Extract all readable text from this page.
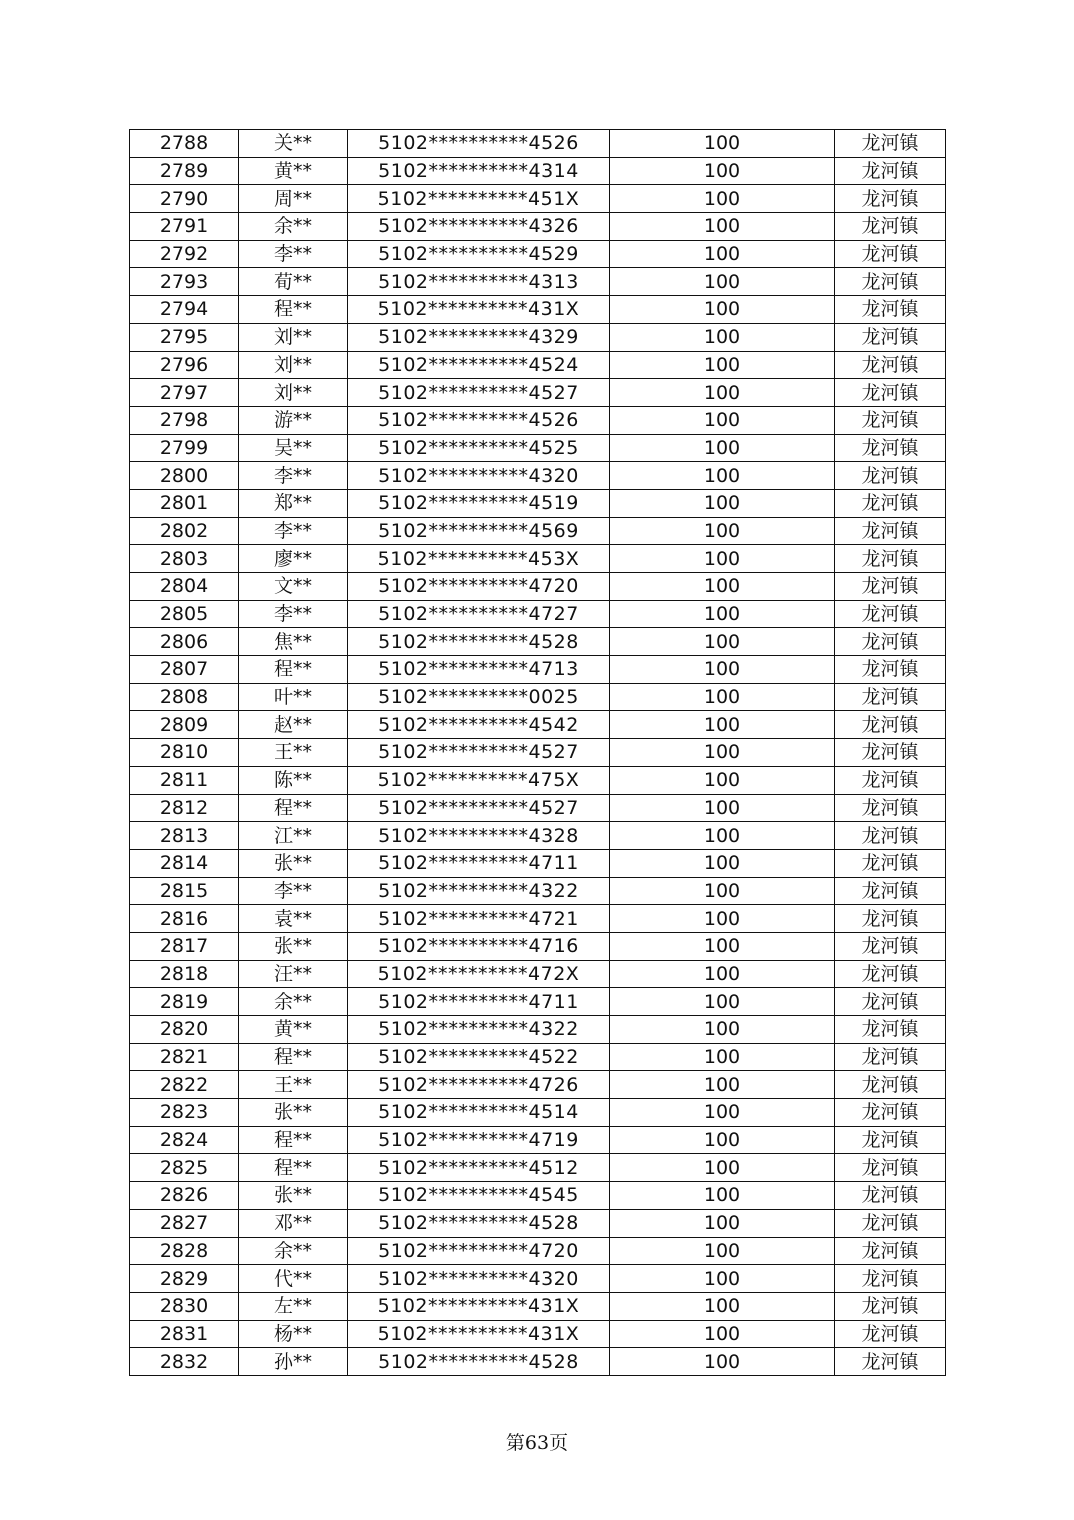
2788	关**	5102**********4526	100	龙河镇
2789	黄**	5102**********4314	100	龙河镇
2790	周**	5102**********451X	100	龙河镇
2791	余**	5102**********4326	100	龙河镇
2792	李**	5102**********4529	100	龙河镇
2793	荀**	5102**********4313	100	龙河镇
2794	程**	5102**********431X	100	龙河镇
2795	刘**	5102**********4329	100	龙河镇
2796	刘**	5102**********4524	100	龙河镇
2797	刘**	5102**********4527	100	龙河镇
2798	游**	5102**********4526	100	龙河镇
2799	吴**	5102**********4525	100	龙河镇
2800	李**	5102**********4320	100	龙河镇
2801	郑**	5102**********4519	100	龙河镇
2802	李**	5102**********4569	100	龙河镇
2803	廖**	5102**********453X	100	龙河镇
2804	文**	5102**********4720	100	龙河镇
2805	李**	5102**********4727	100	龙河镇
2806	焦**	5102**********4528	100	龙河镇
2807	程**	5102**********4713	100	龙河镇
2808	叶**	5102**********0025	100	龙河镇
2809	赵**	5102**********4542	100	龙河镇
2810	王**	5102**********4527	100	龙河镇
2811	陈**	5102**********475X	100	龙河镇
2812	程**	5102**********4527	100	龙河镇
2813	江**	5102**********4328	100	龙河镇
2814	张**	5102**********4711	100	龙河镇
2815	李**	5102**********4322	100	龙河镇
2816	袁**	5102**********4721	100	龙河镇
2817	张**	5102**********4716	100	龙河镇
2818	汪**	5102**********472X	100	龙河镇
2819	余**	5102**********4711	100	龙河镇
2820	黄**	5102**********4322	100	龙河镇
2821	程**	5102**********4522	100	龙河镇
2822	王**	5102**********4726	100	龙河镇
2823	张**	5102**********4514	100	龙河镇
2824	程**	5102**********4719	100	龙河镇
2825	程**	5102**********4512	100	龙河镇
2826	张**	5102**********4545	100	龙河镇
2827	邓**	5102**********4528	100	龙河镇
2828	余**	5102**********4720	100	龙河镇
2829	代**	5102**********4320	100	龙河镇
2830	左**	5102**********431X	100	龙河镇
2831	杨**	5102**********431X	100	龙河镇
2832	孙**	5102**********4528	100	龙河镇
第63页
